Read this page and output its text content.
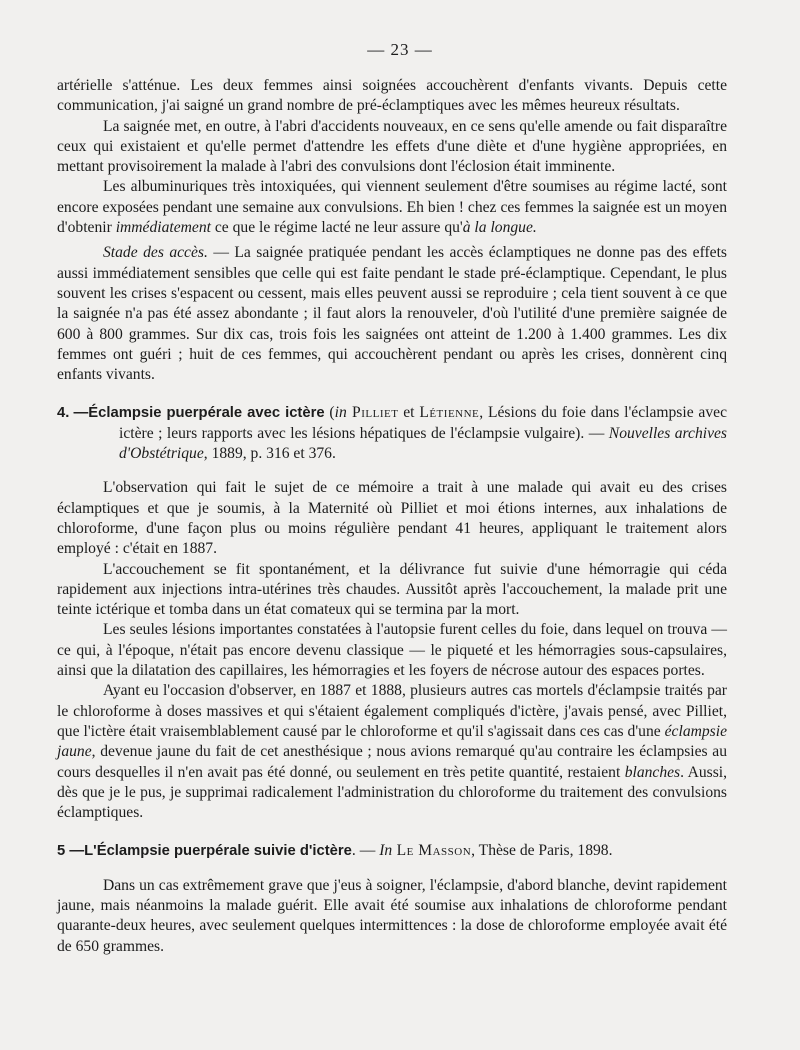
— 23 —

artérielle s'atténue. Les deux femmes ainsi soignées accouchèrent d'enfants vivants. Depuis cette communication, j'ai saigné un grand nombre de pré-éclamptiques avec les mêmes heureux résultats.

La saignée met, en outre, à l'abri d'accidents nouveaux, en ce sens qu'elle amende ou fait disparaître ceux qui existaient et qu'elle permet d'attendre les effets d'une diète et d'une hygiène appropriées, en mettant provisoirement la malade à l'abri des convulsions dont l'éclosion était imminente.

Les albuminuriques très intoxiquées, qui viennent seulement d'être soumises au régime lacté, sont encore exposées pendant une semaine aux convulsions. Eh bien ! chez ces femmes la saignée est un moyen d'obtenir immédiatement ce que le régime lacté ne leur assure qu'à la longue.

Stade des accès. — La saignée pratiquée pendant les accès éclamptiques ne donne pas des effets aussi immédiatement sensibles que celle qui est faite pendant le stade pré-éclamptique. Cependant, le plus souvent les crises s'espacent ou cessent, mais elles peuvent aussi se reproduire ; cela tient souvent à ce que la saignée n'a pas été assez abondante ; il faut alors la renouveler, d'où l'utilité d'une première saignée de 600 à 800 grammes. Sur dix cas, trois fois les saignées ont atteint de 1.200 à 1.400 grammes. Les dix femmes ont guéri ; huit de ces femmes, qui accouchèrent pendant ou après les crises, donnèrent cinq enfants vivants.

4. —Éclampsie puerpérale avec ictère (in Pilliet et Létienne, Lésions du foie dans l'éclampsie avec ictère ; leurs rapports avec les lésions hépatiques de l'éclampsie vulgaire). — Nouvelles archives d'Obstétrique, 1889, p. 316 et 376.

L'observation qui fait le sujet de ce mémoire a trait à une malade qui avait eu des crises éclamptiques et que je soumis, à la Maternité où Pilliet et moi étions internes, aux inhalations de chloroforme, d'une façon plus ou moins régulière pendant 41 heures, appliquant le traitement alors employé : c'était en 1887.

L'accouchement se fit spontanément, et la délivrance fut suivie d'une hémorragie qui céda rapidement aux injections intra-utérines très chaudes. Aussitôt après l'accouchement, la malade prit une teinte ictérique et tomba dans un état comateux qui se termina par la mort.

Les seules lésions importantes constatées à l'autopsie furent celles du foie, dans lequel on trouva — ce qui, à l'époque, n'était pas encore devenu classique — le piqueté et les hémorragies sous-capsulaires, ainsi que la dilatation des capillaires, les hémorragies et les foyers de nécrose autour des espaces portes.

Ayant eu l'occasion d'observer, en 1887 et 1888, plusieurs autres cas mortels d'éclampsie traités par le chloroforme à doses massives et qui s'étaient également compliqués d'ictère, j'avais pensé, avec Pilliet, que l'ictère était vraisemblablement causé par le chloroforme et qu'il s'agissait dans ces cas d'une éclampsie jaune, devenue jaune du fait de cet anesthésique ; nous avions remarqué qu'au contraire les éclampsies au cours desquelles il n'en avait pas été donné, ou seulement en très petite quantité, restaient blanches. Aussi, dès que je le pus, je supprimai radicalement l'administration du chloroforme du traitement des convulsions éclamptiques.

5 —L'Éclampsie puerpérale suivie d'ictère. — In Le Masson, Thèse de Paris, 1898.

Dans un cas extrêmement grave que j'eus à soigner, l'éclampsie, d'abord blanche, devint rapidement jaune, mais néanmoins la malade guérit. Elle avait été soumise aux inhalations de chloroforme pendant quarante-deux heures, avec seulement quelques intermittences : la dose de chloroforme employée avait été de 650 grammes.
